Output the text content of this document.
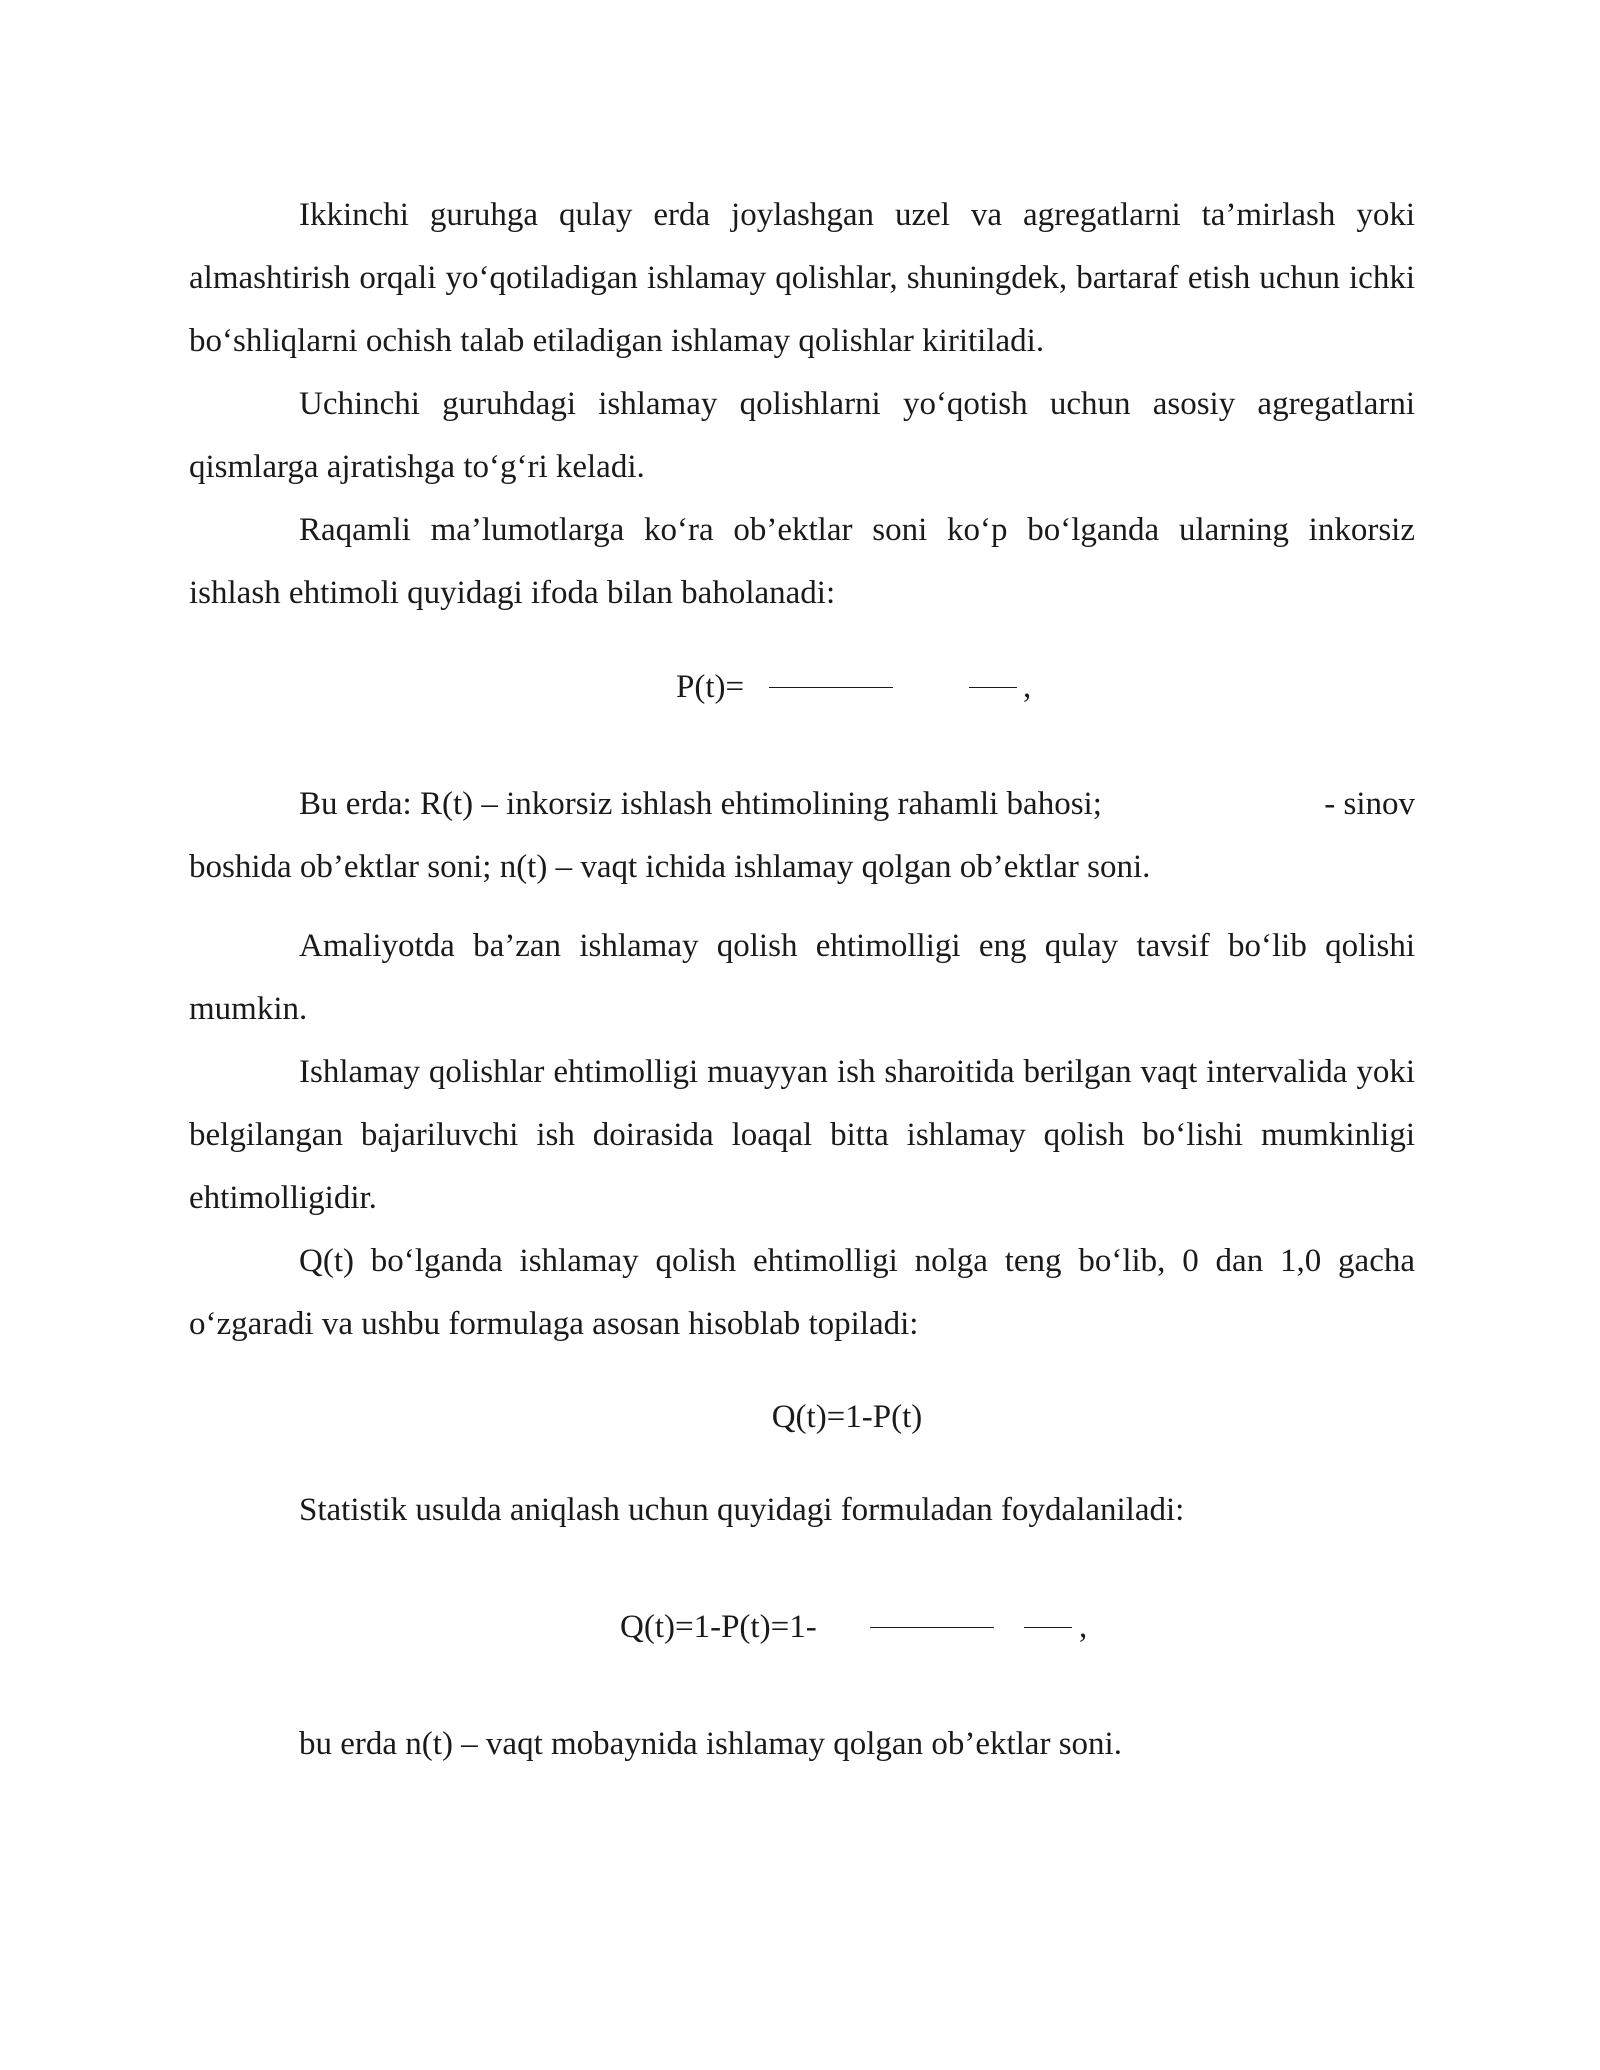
Ikkinchi guruhga qulay erda joylashgan uzel va agregatlarni ta’mirlash yoki almashtirish orqali yo‘qotiladigan ishlamay qolishlar, shuningdek, bartaraf etish uchun ichki bo‘shliqlarni ochish talab etiladigan ishlamay qolishlar kiritiladi.

Uchinchi guruhdagi ishlamay qolishlarni yo‘qotish uchun asosiy agregatlarni qismlarga ajratishga to‘g‘ri keladi.

Raqamli ma’lumotlarga ko‘ra ob’ektlar soni ko‘p bo‘lganda ularning inkorsiz ishlash ehtimoli quyidagi ifoda bilan baholanadi:

P(t)=	,
Bu erda: R(t) – inkorsiz ishlash ehtimolining rahamli bahosi;	- sinov
boshida ob’ektlar soni; n(t) – vaqt ichida ishlamay qolgan ob’ektlar soni.

Amaliyotda ba’zan ishlamay qolish ehtimolligi eng qulay tavsif bo‘lib qolishi mumkin.

Ishlamay qolishlar ehtimolligi muayyan ish sharoitida berilgan vaqt intervalida yoki belgilangan bajariluvchi ish doirasida loaqal bitta ishlamay qolish bo‘lishi mumkinligi ehtimolligidir.

Q(t) bo‘lganda ishlamay qolish ehtimolligi nolga teng bo‘lib, 0 dan 1,0 gacha o‘zgaradi va ushbu formulaga asosan hisoblab topiladi:

Q(t)=1-P(t)

Statistik usulda aniqlash uchun quyidagi formuladan foydalaniladi:

Q(t)=1-P(t)=1-	,
bu erda n(t) – vaqt mobaynida ishlamay qolgan ob’ektlar soni.
